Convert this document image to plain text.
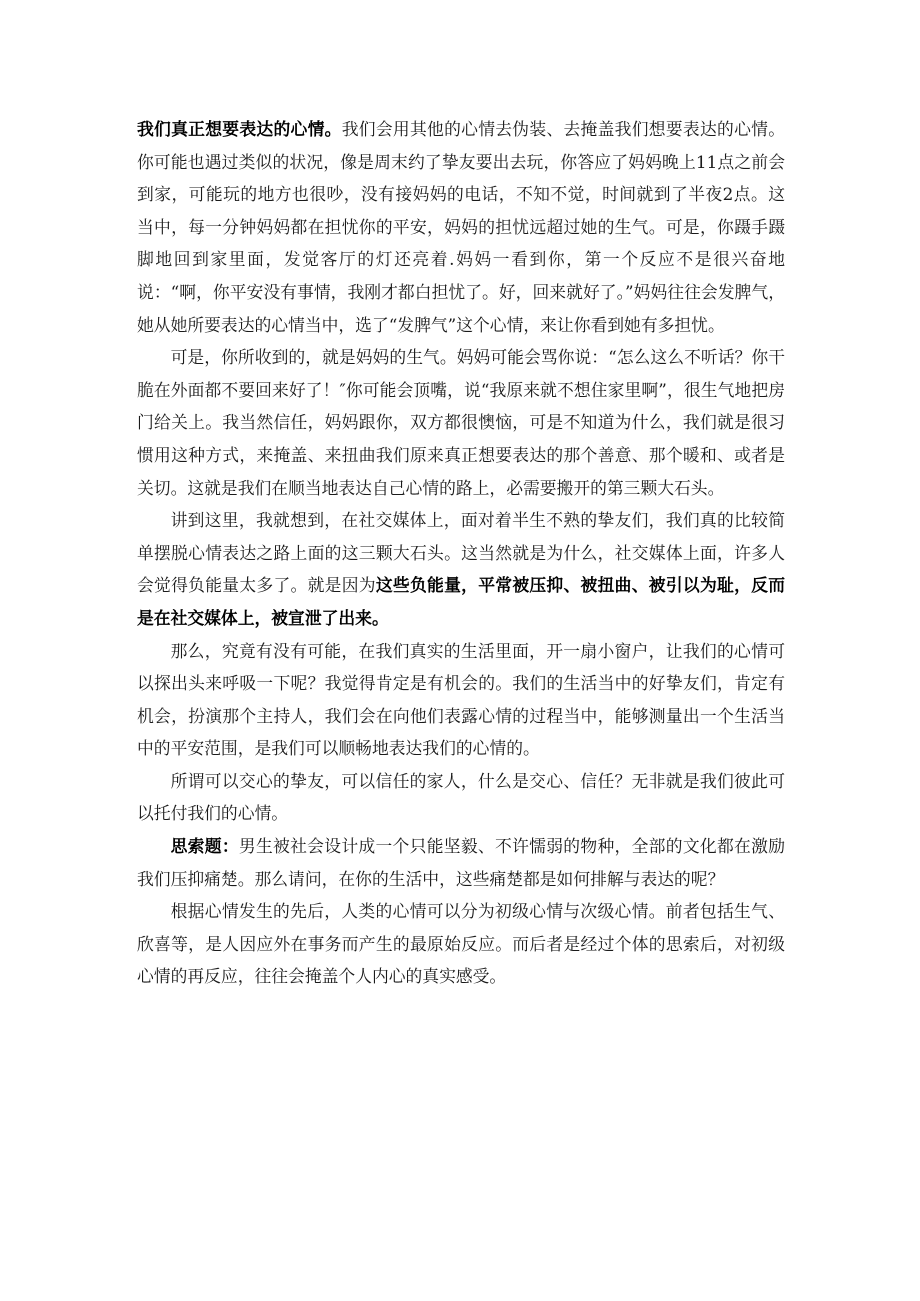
我们真正想要表达的心情。我们会用其他的心情去伪装、去掩盖我们想要表达的心情。你可能也遇过类似的状况，像是周末约了挚友要出去玩，你答应了妈妈晚上11点之前会到家，可能玩的地方也很吵，没有接妈妈的电话，不知不觉，时间就到了半夜2点。这当中，每一分钟妈妈都在担忧你的平安，妈妈的担忧远超过她的生气。可是，你蹑手蹑脚地回到家里面，发觉客厅的灯还亮着.妈妈一看到你，第一个反应不是很兴奋地说：“啊，你平安没有事情，我刚才都白担忧了。好，回来就好了。”妈妈往往会发脾气，她从她所要表达的心情当中，选了“发脾气”这个心情，来让你看到她有多担忧。

可是，你所收到的，就是妈妈的生气。妈妈可能会骂你说：“怎么这么不听话？你干脆在外面都不要回来好了！″你可能会顶嘴，说“我原来就不想住家里啊”，很生气地把房门给关上。我当然信任，妈妈跟你，双方都很懊恼，可是不知道为什么，我们就是很习惯用这种方式，来掩盖、来扭曲我们原来真正想要表达的那个善意、那个暖和、或者是关切。这就是我们在顺当地表达自己心情的路上，必需要搬开的第三颗大石头。

讲到这里，我就想到，在社交媒体上，面对着半生不熟的挚友们，我们真的比较简单摆脱心情表达之路上面的这三颗大石头。这当然就是为什么，社交媒体上面，许多人会觉得负能量太多了。就是因为这些负能量，平常被压抑、被扭曲、被引以为耻，反而是在社交媒体上，被宣泄了出来。

那么，究竟有没有可能，在我们真实的生活里面，开一扇小窗户，让我们的心情可以探出头来呼吸一下呢？我觉得肯定是有机会的。我们的生活当中的好挚友们，肯定有机会，扮演那个主持人，我们会在向他们表露心情的过程当中，能够测量出一个生活当中的平安范围，是我们可以顺畅地表达我们的心情的。

所谓可以交心的挚友，可以信任的家人，什么是交心、信任？无非就是我们彼此可以托付我们的心情。

思索题：男生被社会设计成一个只能坚毅、不许懦弱的物种，全部的文化都在激励我们压抑痛楚。那么请问，在你的生活中，这些痛楚都是如何排解与表达的呢？

根据心情发生的先后，人类的心情可以分为初级心情与次级心情。前者包括生气、欣喜等，是人因应外在事务而产生的最原始反应。而后者是经过个体的思索后，对初级心情的再反应，往往会掩盖个人内心的真实感受。
